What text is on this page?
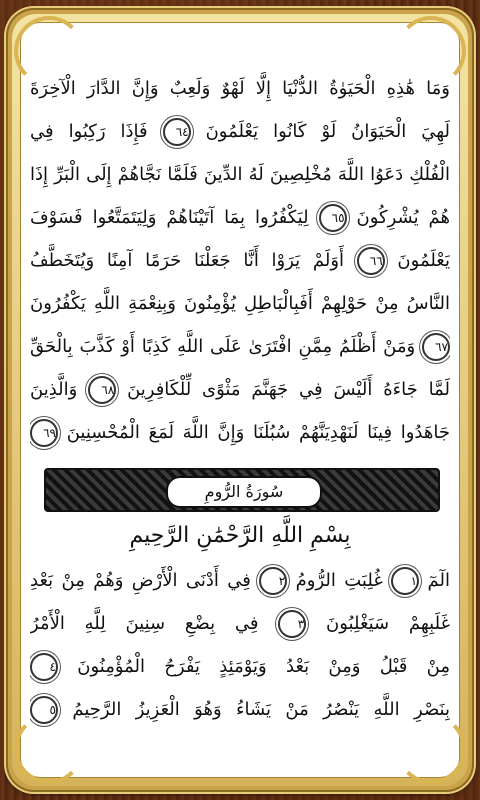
وَمَا هَٰذِهِ الْحَيَوٰةُ الدُّنْيَا إِلَّا لَهْوٌ وَلَعِبٌ وَإِنَّ الدَّارَ الْآخِرَةَ
لَهِيَ الْحَيَوَانُ لَوْ كَانُوا يَعْلَمُونَ ٦٤ فَإِذَا رَكِبُوا فِي
الْفُلْكِ دَعَوُا اللَّهَ مُخْلِصِينَ لَهُ الدِّينَ فَلَمَّا نَجَّاهُمْ إِلَى الْبَرِّ إِذَا
هُمْ يُشْرِكُونَ ٦٥ لِيَكْفُرُوا بِمَا آتَيْنَاهُمْ وَلِيَتَمَتَّعُوا فَسَوْفَ
يَعْلَمُونَ ٦٦ أَوَلَمْ يَرَوْا أَنَّا جَعَلْنَا حَرَمًا آمِنًا وَيُتَخَطَّفُ
النَّاسُ مِنْ حَوْلِهِمْ أَفَبِالْبَاطِلِ يُؤْمِنُونَ وَبِنِعْمَةِ اللَّهِ يَكْفُرُونَ
٦٧ وَمَنْ أَظْلَمُ مِمَّنِ افْتَرَىٰ عَلَى اللَّهِ كَذِبًا أَوْ كَذَّبَ بِالْحَقِّ
لَمَّا جَاءَهُ أَلَيْسَ فِي جَهَنَّمَ مَثْوًى لِّلْكَافِرِينَ ٦٨ وَالَّذِينَ
جَاهَدُوا فِينَا لَنَهْدِيَنَّهُمْ سُبُلَنَا وَإِنَّ اللَّهَ لَمَعَ الْمُحْسِنِينَ ٦٩
سُورَةُ الرُّومِ
بِسْمِ اللَّهِ الرَّحْمَٰنِ الرَّحِيمِ
الٓمٓ ١ غُلِبَتِ الرُّومُ ٢ فِي أَدْنَى الْأَرْضِ وَهُمْ مِنْ بَعْدِ
غَلَبِهِمْ سَيَغْلِبُونَ ٣ فِي بِضْعِ سِنِينَ لِلَّهِ الْأَمْرُ
مِنْ قَبْلُ وَمِنْ بَعْدُ وَيَوْمَئِذٍ يَفْرَحُ الْمُؤْمِنُونَ ٤
بِنَصْرِ اللَّهِ يَنْصُرُ مَنْ يَشَاءُ وَهُوَ الْعَزِيزُ الرَّحِيمُ ٥
